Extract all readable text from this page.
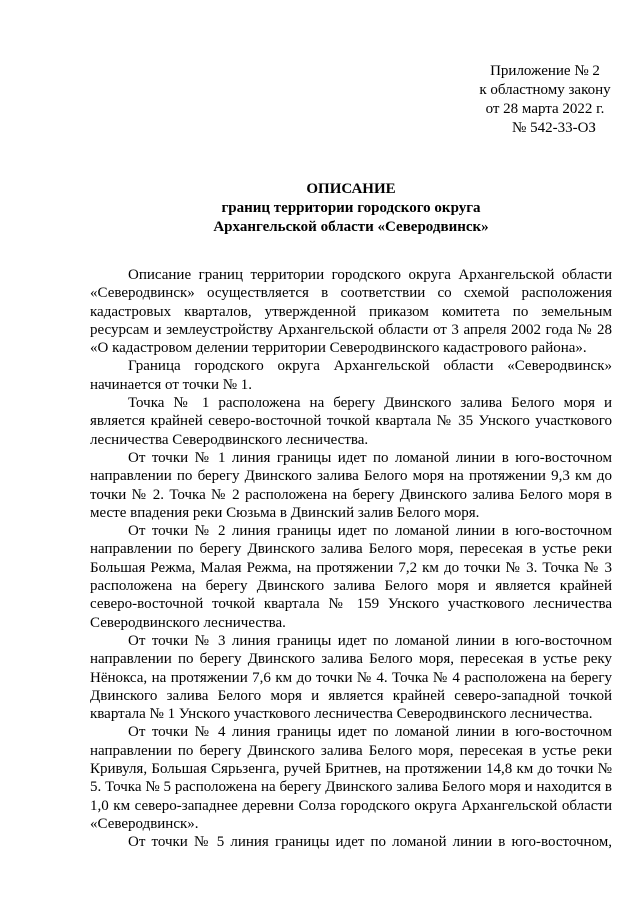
Приложение № 2
к областному закону
от 28 марта 2022 г.
№ 542-33-ОЗ
ОПИСАНИЕ
границ территории городского округа
Архангельской области «Северодвинск»

Описание границ территории городского округа Архангельской области «Северодвинск» осуществляется в соответствии со схемой расположения кадастровых кварталов, утвержденной приказом комитета по земельным ресурсам и землеустройству Архангельской области от 3 апреля 2002 года № 28 «О кадастровом делении территории Северодвинского кадастрового района».

Граница городского округа Архангельской области «Северодвинск» начинается от точки № 1.

Точка № 1 расположена на берегу Двинского залива Белого моря и является крайней северо-восточной точкой квартала № 35 Унского участкового лесничества Северодвинского лесничества.

От точки № 1 линия границы идет по ломаной линии в юго-восточном направлении по берегу Двинского залива Белого моря на протяжении 9,3 км до точки № 2. Точка № 2 расположена на берегу Двинского залива Белого моря в месте впадения реки Сюзьма в Двинский залив Белого моря.

От точки № 2 линия границы идет по ломаной линии в юго-восточном направлении по берегу Двинского залива Белого моря, пересекая в устье реки Большая Режма, Малая Режма, на протяжении 7,2 км до точки № 3. Точка № 3 расположена на берегу Двинского залива Белого моря и является крайней северо-восточной точкой квартала № 159 Унского участкового лесничества Северодвинского лесничества.

От точки № 3 линия границы идет по ломаной линии в юго-восточном направлении по берегу Двинского залива Белого моря, пересекая в устье реку Нёнокса, на протяжении 7,6 км до точки № 4. Точка № 4 расположена на берегу Двинского залива Белого моря и является крайней северо-западной точкой квартала № 1 Унского участкового лесничества Северодвинского лесничества.

От точки № 4 линия границы идет по ломаной линии в юго-восточном направлении по берегу Двинского залива Белого моря, пересекая в устье реки Кривуля, Большая Сярьзенга, ручей Бритнев, на протяжении 14,8 км до точки № 5. Точка № 5 расположена на берегу Двинского залива Белого моря и находится в 1,0 км северо-западнее деревни Солза городского округа Архангельской области «Северодвинск».

От точки № 5 линия границы идет по ломаной линии в юго-восточном,
